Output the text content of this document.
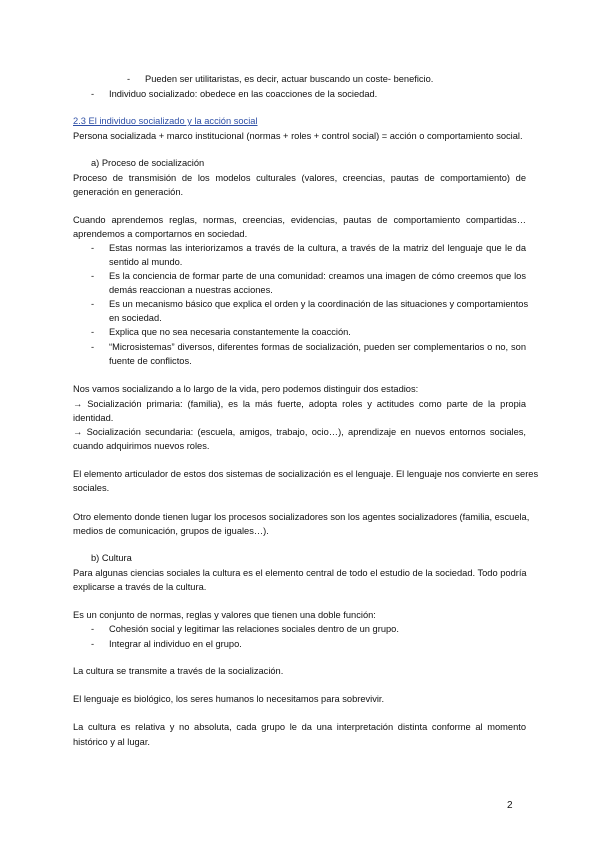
- Pueden ser utilitaristas, es decir, actuar buscando un coste- beneficio.
- Individuo socializado: obedece en las coacciones de la sociedad.
2.3 El individuo socializado y la acción social
Persona socializada + marco institucional (normas + roles + control social) = acción o comportamiento social.
a) Proceso de socialización
Proceso de transmisión de los modelos culturales (valores, creencias, pautas de comportamiento) de
generación en generación.
Cuando aprendemos reglas, normas, creencias, evidencias, pautas de comportamiento compartidas…
aprendemos a comportarnos en sociedad.
- Estas normas las interiorizamos a través de la cultura, a través de la matriz del lenguaje que le da
sentido al mundo.
- Es la conciencia de formar parte de una comunidad: creamos una imagen de cómo creemos que los
demás reaccionan a nuestras acciones.
- Es un mecanismo básico que explica el orden y la coordinación de las situaciones y comportamientos
en sociedad.
- Explica que no sea necesaria constantemente la coacción.
- “Microsistemas” diversos, diferentes formas de socialización, pueden ser complementarios o no, son
fuente de conflictos.
Nos vamos socializando a lo largo de la vida, pero podemos distinguir dos estadios:
→ Socialización primaria: (familia), es la más fuerte, adopta roles y actitudes como parte de la propia
identidad.
→ Socialización secundaria: (escuela, amigos, trabajo, ocio…), aprendizaje en nuevos entornos sociales,
cuando adquirimos nuevos roles.
El elemento articulador de estos dos sistemas de socialización es el lenguaje. El lenguaje nos convierte en seres
sociales.
Otro elemento donde tienen lugar los procesos socializadores son los agentes socializadores (familia, escuela,
medios de comunicación, grupos de iguales…).
b) Cultura
Para algunas ciencias sociales la cultura es el elemento central de todo el estudio de la sociedad. Todo podría
explicarse a través de la cultura.
Es un conjunto de normas, reglas y valores que tienen una doble función:
- Cohesión social y legitimar las relaciones sociales dentro de un grupo.
- Integrar al individuo en el grupo.
La cultura se transmite a través de la socialización.
El lenguaje es biológico, los seres humanos lo necesitamos para sobrevivir.
La cultura es relativa y no absoluta, cada grupo le da una interpretación distinta conforme al momento
histórico y al lugar.
2
